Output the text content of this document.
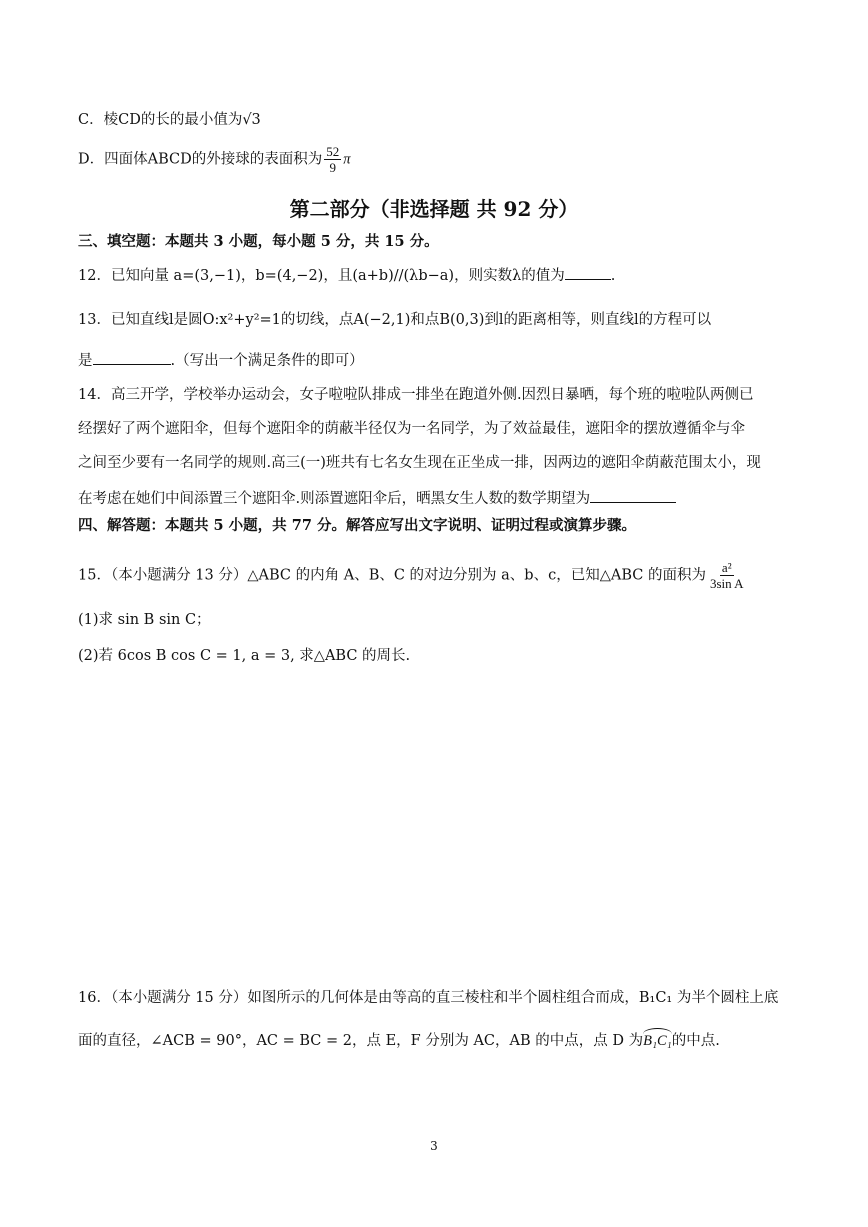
C．棱CD的长的最小值为√3
D．四面体ABCD的外接球的表面积为 $\frac{52}{9}$ π
第二部分（非选择题 共 92 分）
三、填空题：本题共 3 小题，每小题 5 分，共 15 分。
12．已知向量 a=(3,−1)，b=(4,−2)，且(a+b)//(λb−a)，则实数λ的值为	.
13．已知直线l是圆O:x²+y²=1的切线，点A(−2,1)和点B(0,3)到l的距离相等，则直线l的方程可以
是	.（写出一个满足条件的即可）
14．高三开学，学校举办运动会，女子啦啦队排成一排坐在跑道外侧.因烈日暴晒，每个班的啦啦队两侧已
经摆好了两个遮阳伞，但每个遮阳伞的荫蔽半径仅为一名同学，为了效益最佳，遮阳伞的摆放遵循伞与伞
之间至少要有一名同学的规则.高三(一)班共有七名女生现在正坐成一排，因两边的遮阳伞荫蔽范围太小，现
在考虑在她们中间添置三个遮阳伞.则添置遮阳伞后，晒黑女生人数的数学期望为
四、解答题：本题共 5 小题，共 77 分。解答应写出文字说明、证明过程或演算步骤。
15．（本小题满分 13 分）△ABC 的内角 A、B、C 的对边分别为 a、b、c，已知△ABC 的面积为 $\frac{\text{a²}}{\text{3sin A}}$
(1)求 sin B sin C；
(2)若 6cos B cos C = 1, a = 3, 求△ABC 的周长.
16．（本小题满分 15 分）如图所示的几何体是由等高的直三棱柱和半个圆柱组合而成，B₁C₁ 为半个圆柱上底
面的直径，∠ACB = 90°，AC = BC = 2，点 E，F 分别为 AC，AB 的中点，点 D 为B₁C₁的中点.
3
